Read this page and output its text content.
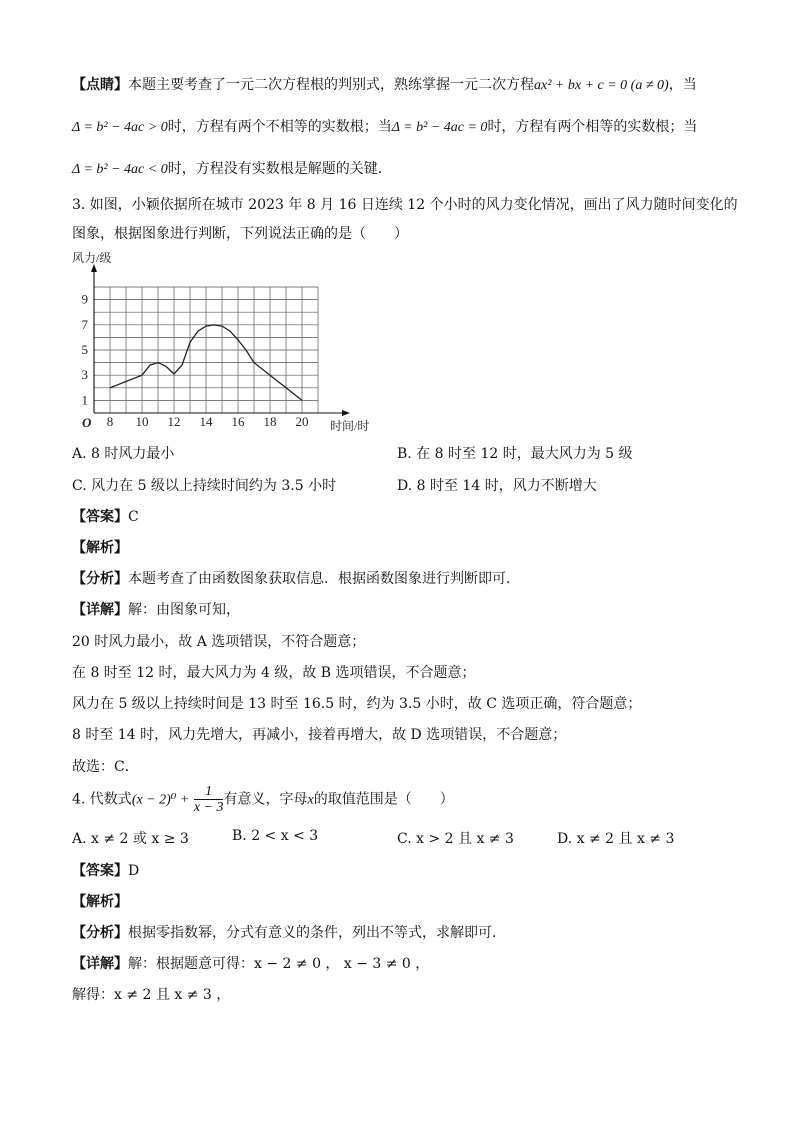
【点睛】本题主要考查了一元二次方程根的判别式，熟练掌握一元二次方程ax² + bx + c = 0 (a ≠ 0)，当
Δ = b² − 4ac > 0时，方程有两个不相等的实数根；当Δ = b² − 4ac = 0时，方程有两个相等的实数根；当
Δ = b² − 4ac < 0时，方程没有实数根是解题的关键．
3. 如图，小颖依据所在城市 2023 年 8 月 16 日连续 12 个小时的风力变化情况，画出了风力随时间变化的
图象，根据图象进行判断，下列说法正确的是（　　）
8 10 12 14 16 18 20
1
3
5
7
9
风力/级
时间/时
O
A. 8 时风力最小	B. 在 8 时至 12 时，最大风力为 5 级
C. 风力在 5 级以上持续时间约为 3.5 小时	D. 8 时至 14 时，风力不断增大
【答案】C
【解析】
【分析】本题考查了由函数图象获取信息．根据函数图象进行判断即可．
【详解】解：由图象可知，
20 时风力最小，故 A 选项错误，不符合题意；
在 8 时至 12 时，最大风力为 4 级，故 B 选项错误，不合题意；
风力在 5 级以上持续时间是 13 时至 16.5 时，约为 3.5 小时，故 C 选项正确，符合题意；
8 时至 14 时，风力先增大，再减小，接着再增大，故 D 选项错误，不合题意；
故选：C．
4. 代数式$(x - 2)^0 + \frac{1}{x - 3}$ 有意义，字母x的取值范围是（　　）
A. x ≠ 2 或 x ≥ 3	B. 2 < x < 3	C. x > 2 且 x ≠ 3	D. x ≠ 2 且 x ≠ 3
【答案】D
【解析】
【分析】根据零指数幂，分式有意义的条件，列出不等式，求解即可．
【详解】解：根据题意可得：x − 2 ≠ 0 ， x − 3 ≠ 0 ，
解得：x ≠ 2 且 x ≠ 3 ，
